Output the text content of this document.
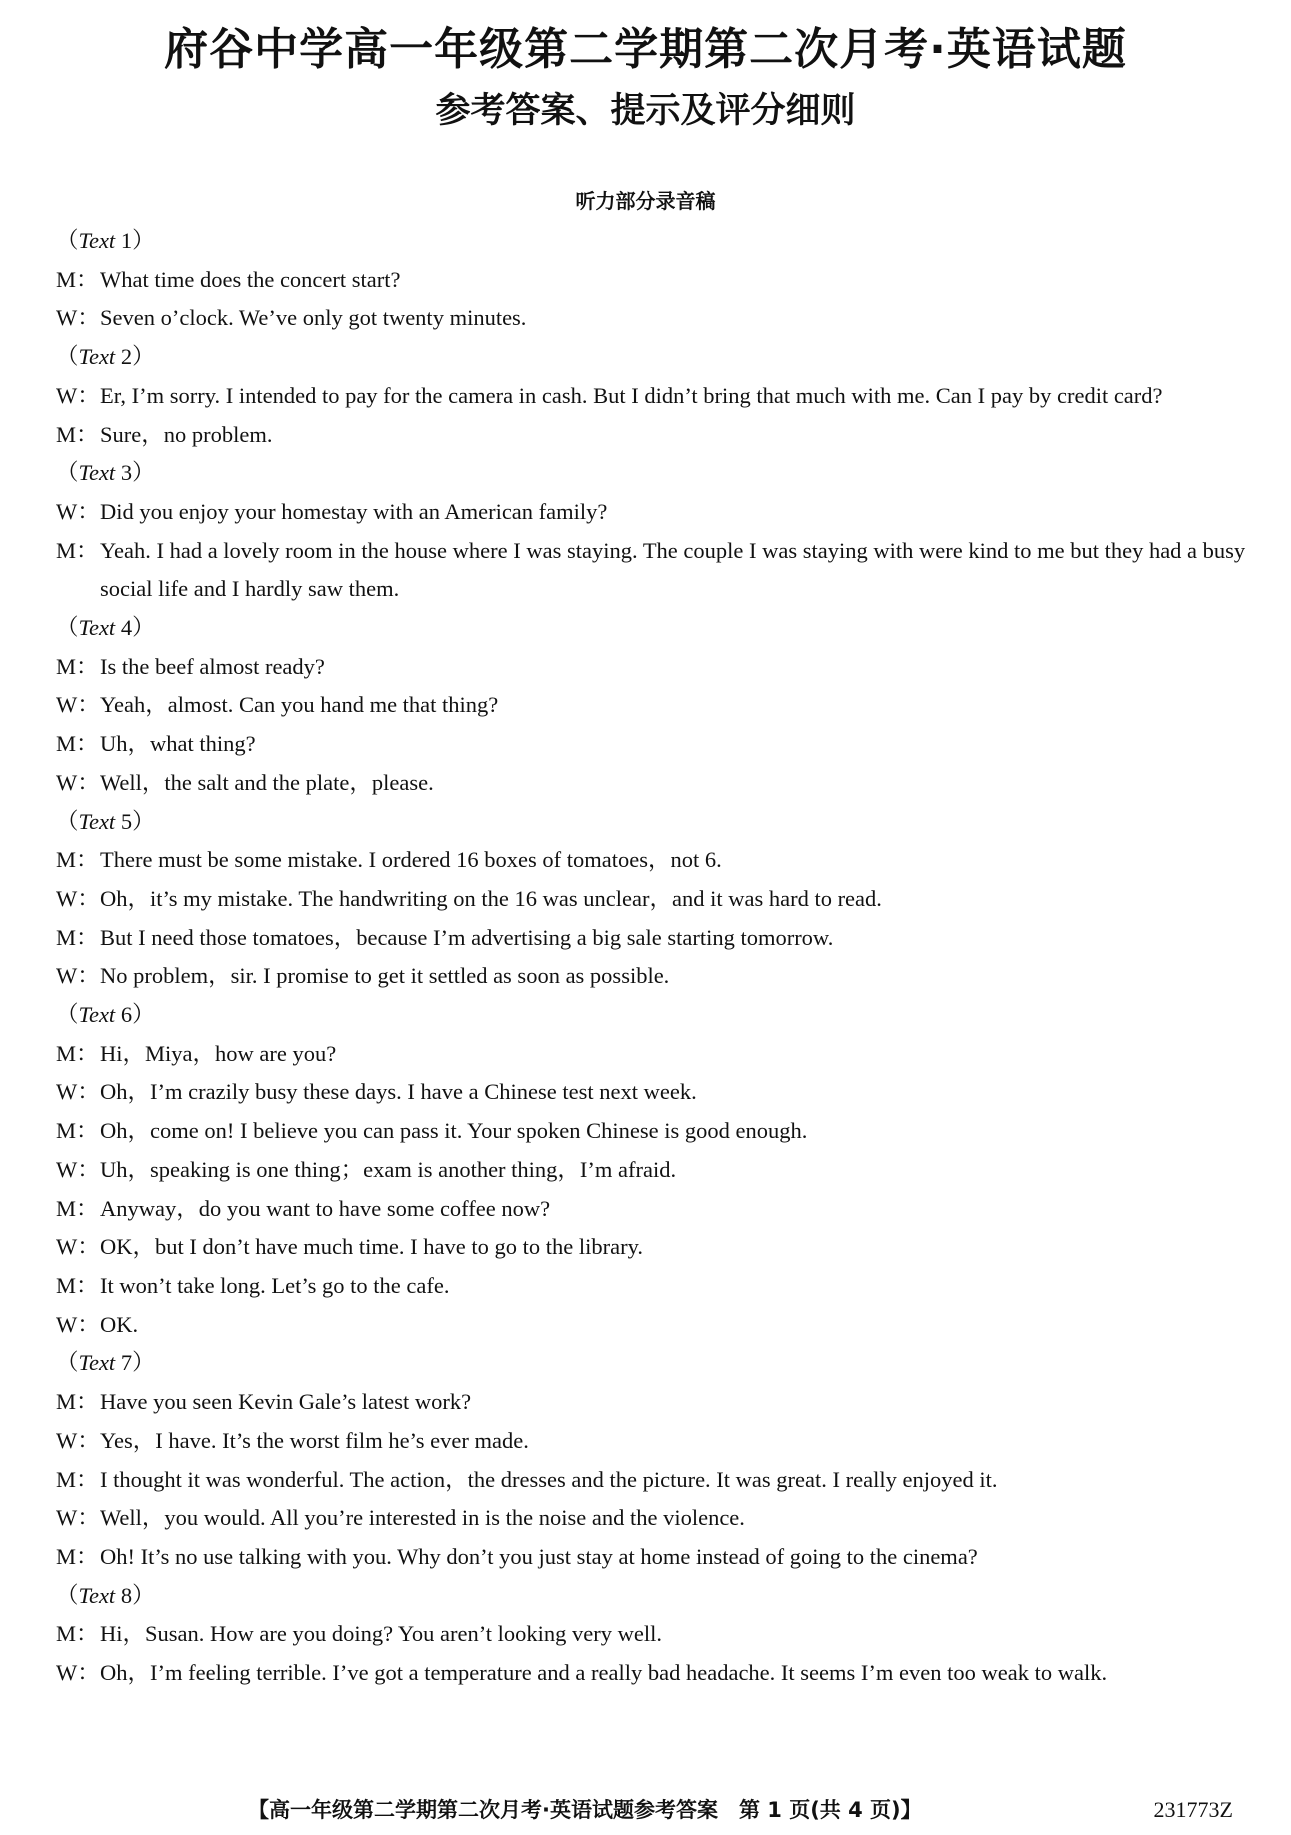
府谷中学高一年级第二学期第二次月考·英语试题
参考答案、提示及评分细则
听力部分录音稿

（Text 1）

M：What time does the concert start?

W：Seven o’clock. We’ve only got twenty minutes.

（Text 2）

W：Er, I’m sorry. I intended to pay for the camera in cash. But I didn’t bring that much with me. Can I pay by credit card?

M：Sure，no problem.

（Text 3）

W：Did you enjoy your homestay with an American family?

M：Yeah. I had a lovely room in the house where I was staying. The couple I was staying with were kind to me but they had a busy social life and I hardly saw them.

（Text 4）

M：Is the beef almost ready?

W：Yeah，almost. Can you hand me that thing?

M：Uh，what thing?

W：Well，the salt and the plate，please.

（Text 5）

M：There must be some mistake. I ordered 16 boxes of tomatoes，not 6.

W：Oh，it’s my mistake. The handwriting on the 16 was unclear，and it was hard to read.

M：But I need those tomatoes，because I’m advertising a big sale starting tomorrow.

W：No problem，sir. I promise to get it settled as soon as possible.

（Text 6）

M：Hi，Miya，how are you?

W：Oh，I’m crazily busy these days. I have a Chinese test next week.

M：Oh，come on! I believe you can pass it. Your spoken Chinese is good enough.

W：Uh，speaking is one thing；exam is another thing，I’m afraid.

M：Anyway，do you want to have some coffee now?

W：OK，but I don’t have much time. I have to go to the library.

M：It won’t take long. Let’s go to the cafe.

W：OK.

（Text 7）

M：Have you seen Kevin Gale’s latest work?

W：Yes，I have. It’s the worst film he’s ever made.

M：I thought it was wonderful. The action，the dresses and the picture. It was great. I really enjoyed it.

W：Well，you would. All you’re interested in is the noise and the violence.

M：Oh! It’s no use talking with you. Why don’t you just stay at home instead of going to the cinema?

（Text 8）

M：Hi，Susan. How are you doing? You aren’t looking very well.

W：Oh，I’m feeling terrible. I’ve got a temperature and a really bad headache. It seems I’m even too weak to walk.

【高一年级第二学期第二次月考·英语试题参考答案　第 1 页(共 4 页)】	231773Z
